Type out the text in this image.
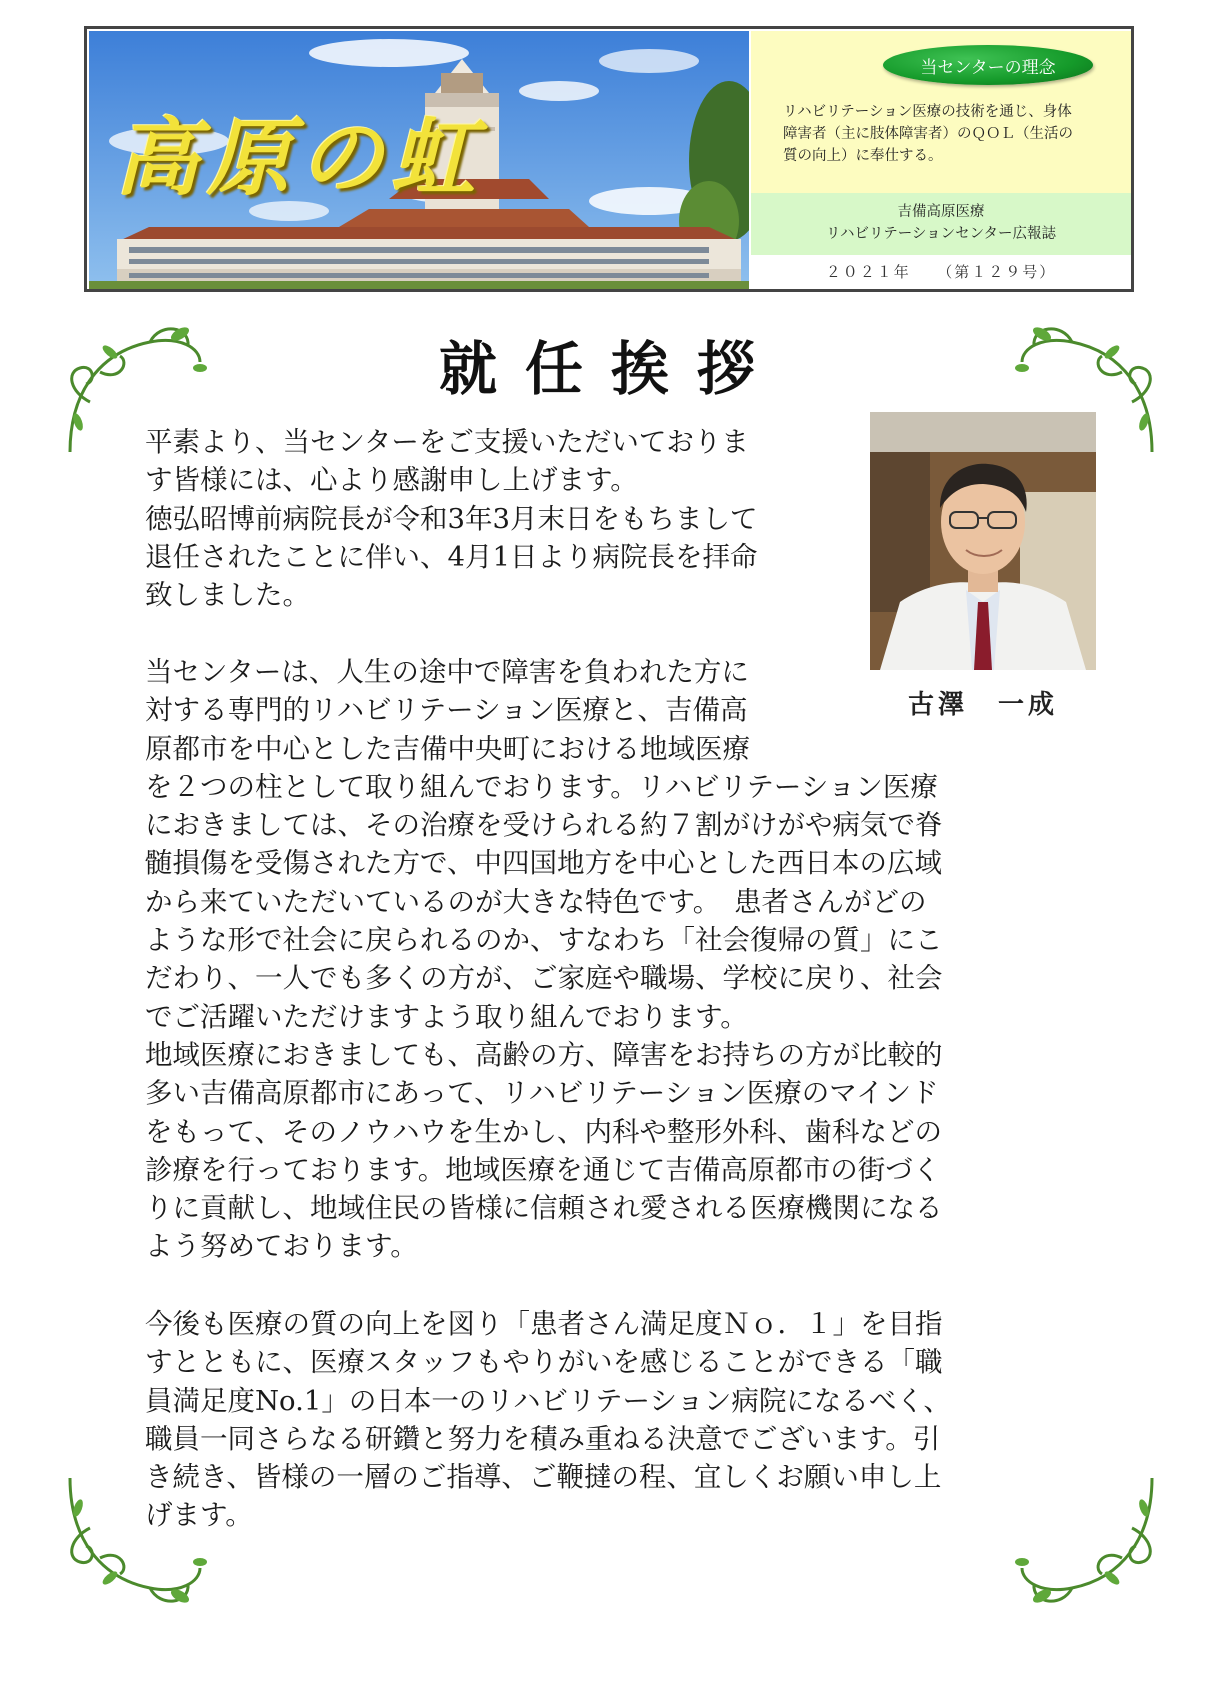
高原の虹
当センターの理念
リハビリテーション医療の技術を通じ、身体
障害者（主に肢体障害者）のＱＯＬ（生活の
質の向上）に奉仕する。
吉備高原医療
リハビリテーションセンター広報誌
２０２１年　　（第１２９号）
就任挨拶
古澤　一成
平素より、当センターをご支援いただいておりま
す皆様には、心より感謝申し上げます。
徳弘昭博前病院長が令和3年3月末日をもちまして
退任されたことに伴い、4月1日より病院長を拝命
致しました。
当センターは、人生の途中で障害を負われた方に
対する専門的リハビリテーション医療と、吉備高
原都市を中心とした吉備中央町における地域医療
を２つの柱として取り組んでおります。リハビリテーション医療
におきましては、その治療を受けられる約７割がけがや病気で脊
髄損傷を受傷された方で、中四国地方を中心とした西日本の広域
から来ていただいているのが大きな特色です。　患者さんがどの
ような形で社会に戻られるのか、すなわち「社会復帰の質」にこ
だわり、一人でも多くの方が、ご家庭や職場、学校に戻り、社会
でご活躍いただけますよう取り組んでおります。
地域医療におきましても、高齢の方、障害をお持ちの方が比較的
多い吉備高原都市にあって、リハビリテーション医療のマインド
をもって、そのノウハウを生かし、内科や整形外科、歯科などの
診療を行っております。地域医療を通じて吉備高原都市の街づく
りに貢献し、地域住民の皆様に信頼され愛される医療機関になる
よう努めております。
今後も医療の質の向上を図り「患者さん満足度Ｎｏ．１」を目指
すとともに、医療スタッフもやりがいを感じることができる「職
員満足度No.1」の日本一のリハビリテーション病院になるべく、
職員一同さらなる研鑽と努力を積み重ねる決意でございます。引
き続き、皆様の一層のご指導、ご鞭撻の程、宜しくお願い申し上
げます。
